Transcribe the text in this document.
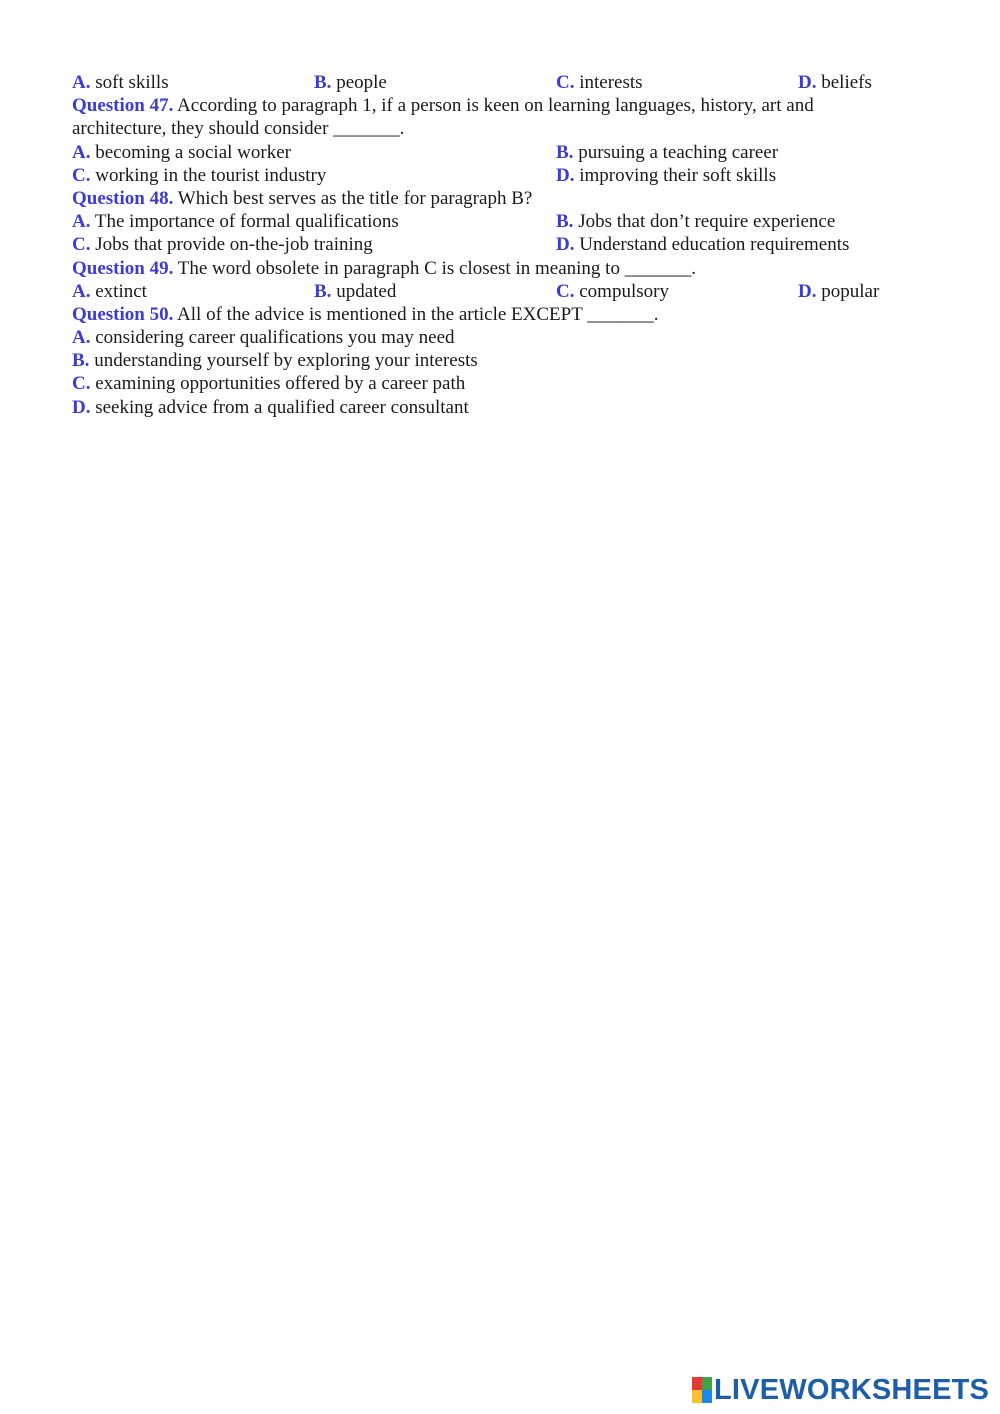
A. soft skills	B. people	C. interests	D. beliefs
Question 47. According to paragraph 1, if a person is keen on learning languages, history, art and
architecture, they should consider _______.
A. becoming a social worker	B. pursuing a teaching career
C. working in the tourist industry	D. improving their soft skills
Question 48. Which best serves as the title for paragraph B?
A. The importance of formal qualifications	B. Jobs that don’t require experience
C. Jobs that provide on-the-job training	D. Understand education requirements
Question 49. The word obsolete in paragraph C is closest in meaning to _______.
A. extinct	B. updated	C. compulsory	D. popular
Question 50. All of the advice is mentioned in the article EXCEPT _______.
A. considering career qualifications you may need
B. understanding yourself by exploring your interests
C. examining opportunities offered by a career path
D. seeking advice from a qualified career consultant
LIVEWORKSHEETS
